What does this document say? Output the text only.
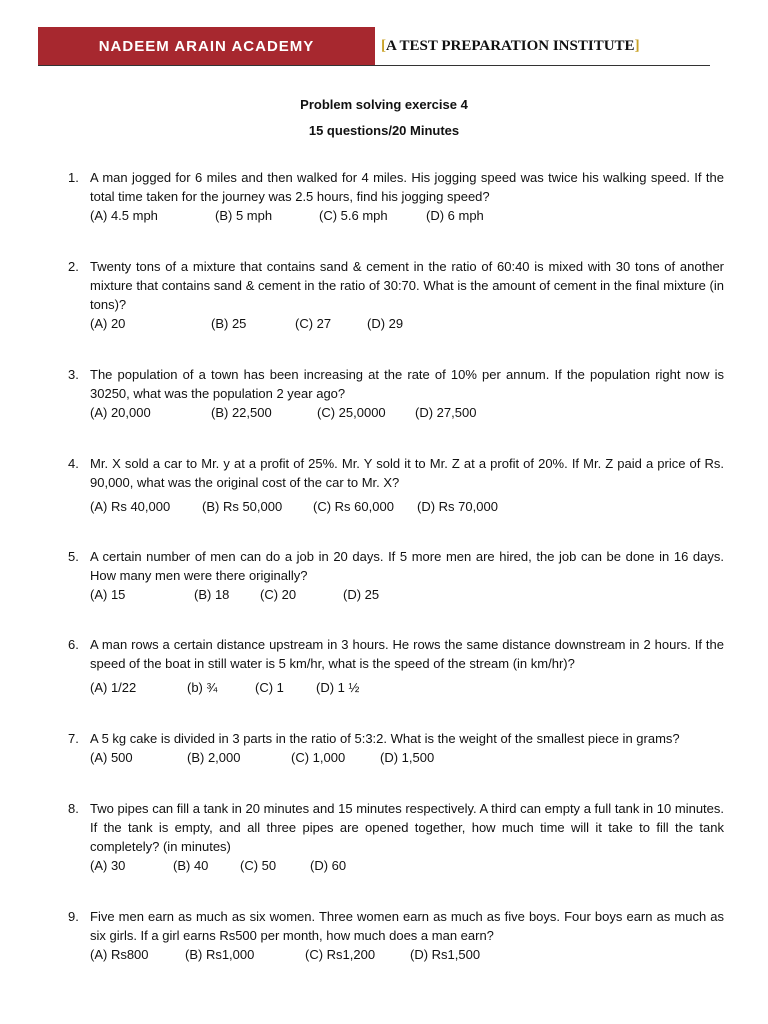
NADEEM ARAIN ACADEMY	[ A TEST PREPARATION INSTITUTE ]
Problem solving exercise 4
15 questions/20 Minutes
1. A man jogged for 6 miles and then walked for 4 miles. His jogging speed was twice his walking speed. If the total time taken for the journey was 2.5 hours, find his jogging speed?
(A) 4.5 mph	(B) 5 mph	(C) 5.6 mph	(D) 6 mph
2. Twenty tons of a mixture that contains sand & cement in the ratio of 60:40 is mixed with 30 tons of another mixture that contains sand & cement in the ratio of 30:70. What is the amount of cement in the final mixture (in tons)?
(A) 20	(B) 25	(C) 27	(D) 29
3. The population of a town has been increasing at the rate of 10% per annum. If the population right now is 30250, what was the population 2 year ago?
(A) 20,000	(B) 22,500	(C) 25,0000	(D) 27,500
4. Mr. X sold a car to Mr. y at a profit of 25%. Mr. Y sold it to Mr. Z at a profit of 20%. If Mr. Z paid a price of Rs. 90,000, what was the original cost of the car to Mr. X?
(A) Rs 40,000	(B) Rs 50,000	(C) Rs 60,000	(D) Rs 70,000
5. A certain number of men can do a job in 20 days. If 5 more men are hired, the job can be done in 16 days. How many men were there originally?
(A) 15	(B) 18	(C) 20	(D) 25
6. A man rows a certain distance upstream in 3 hours. He rows the same distance downstream in 2 hours. If the speed of the boat in still water is 5 km/hr, what is the speed of the stream (in km/hr)?
(A) 1/22	(b) ¾	(C) 1	(D) 1 ½
7. A 5 kg cake is divided in 3 parts in the ratio of 5:3:2. What is the weight of the smallest piece in grams?
(A) 500	(B) 2,000	(C) 1,000	(D) 1,500
8. Two pipes can fill a tank in 20 minutes and 15 minutes respectively. A third can empty a full tank in 10 minutes. If the tank is empty, and all three pipes are opened together, how much time will it take to fill the tank completely? (in minutes)
(A) 30	(B) 40	(C) 50	(D) 60
9. Five men earn as much as six women. Three women earn as much as five boys. Four boys earn as much as six girls. If a girl earns Rs500 per month, how much does a man earn?
(A) Rs800	(B) Rs1,000	(C) Rs1,200	(D) Rs1,500
